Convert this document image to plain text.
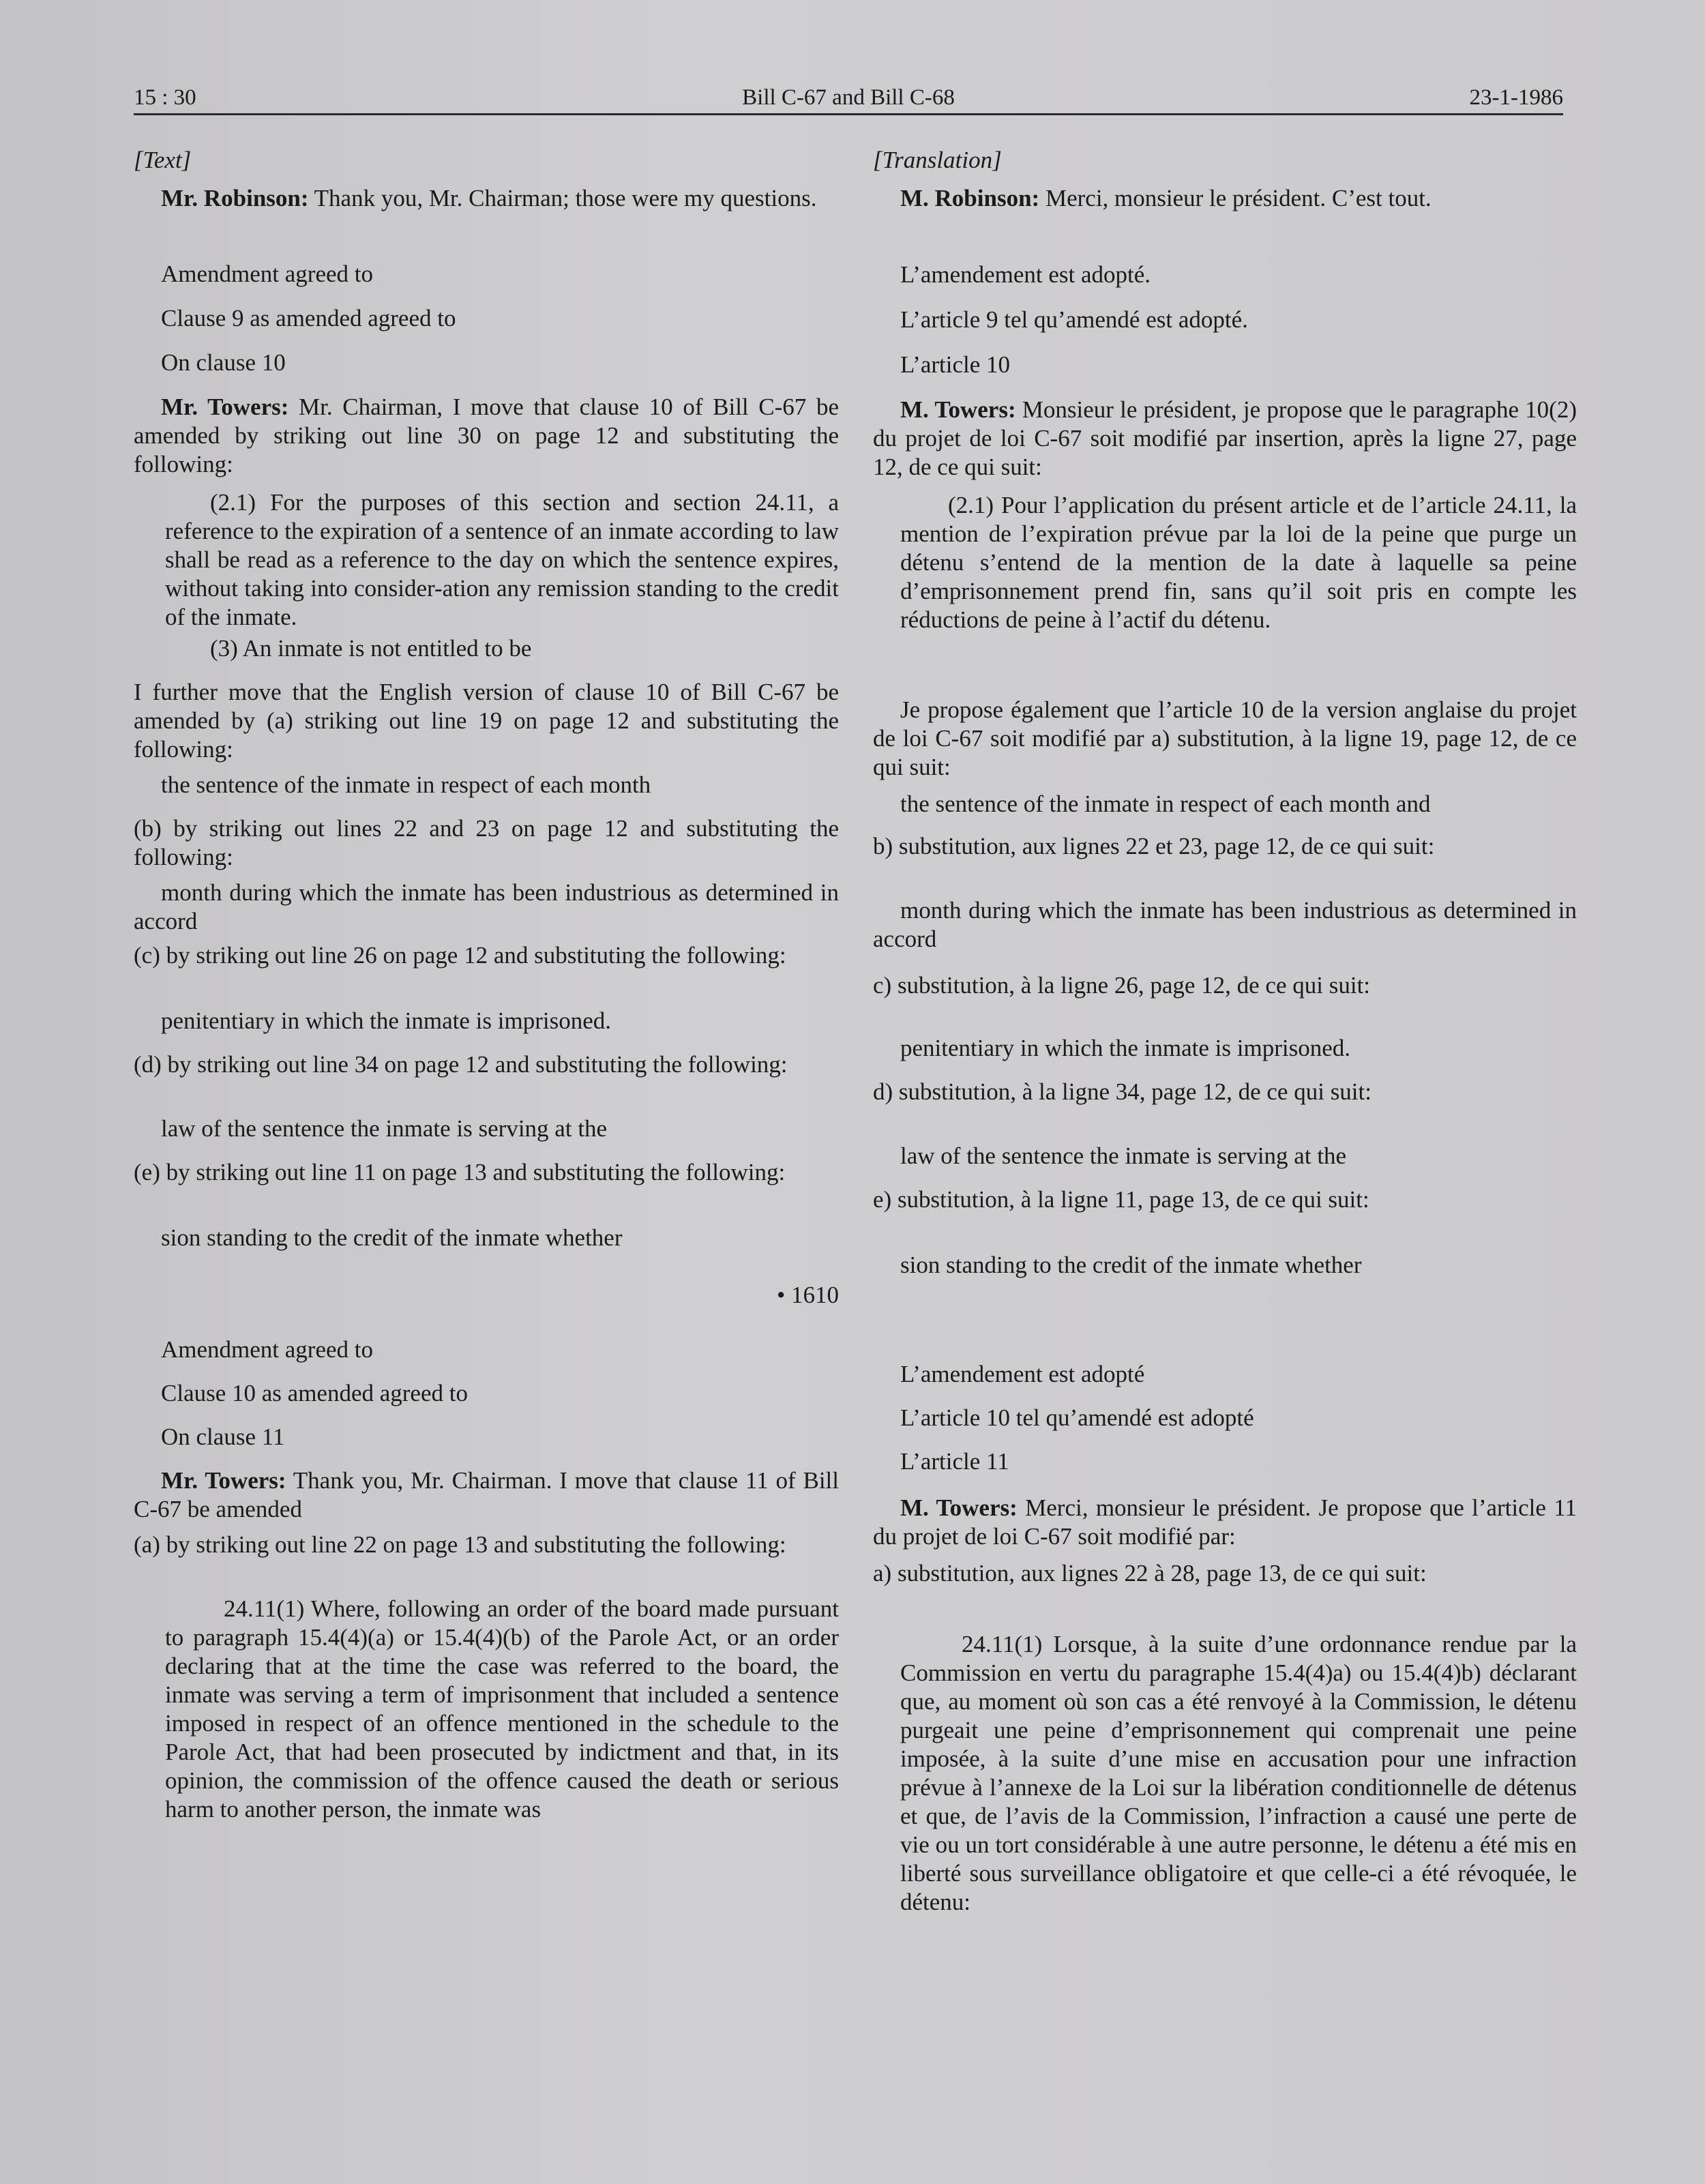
15 : 30	Bill C-67 and Bill C-68	23-1-1986

[Text]

Mr. Robinson: Thank you, Mr. Chairman; those were my questions.

Amendment agreed to

Clause 9 as amended agreed to

On clause 10

Mr. Towers: Mr. Chairman, I move that clause 10 of Bill C-67 be amended by striking out line 30 on page 12 and substituting the following:

(2.1) For the purposes of this section and section 24.11, a reference to the expiration of a sentence of an inmate according to law shall be read as a reference to the day on which the sentence expires, without taking into consider-ation any remission standing to the credit of the inmate.

(3) An inmate is not entitled to be

I further move that the English version of clause 10 of Bill C-67 be amended by (a) striking out line 19 on page 12 and substituting the following:

the sentence of the inmate in respect of each month

(b) by striking out lines 22 and 23 on page 12 and substituting the following:

month during which the inmate has been industrious as determined in accord

(c) by striking out line 26 on page 12 and substituting the following:

penitentiary in which the inmate is imprisoned.

(d) by striking out line 34 on page 12 and substituting the following:

law of the sentence the inmate is serving at the

(e) by striking out line 11 on page 13 and substituting the following:

sion standing to the credit of the inmate whether

• 1610

Amendment agreed to

Clause 10 as amended agreed to

On clause 11

Mr. Towers: Thank you, Mr. Chairman. I move that clause 11 of Bill C-67 be amended

(a) by striking out line 22 on page 13 and substituting the following:

24.11(1) Where, following an order of the board made pursuant to paragraph 15.4(4)(a) or 15.4(4)(b) of the Parole Act, or an order declaring that at the time the case was referred to the board, the inmate was serving a term of imprisonment that included a sentence imposed in respect of an offence mentioned in the schedule to the Parole Act, that had been prosecuted by indictment and that, in its opinion, the commission of the offence caused the death or serious harm to another person, the inmate was

[Translation]

M. Robinson: Merci, monsieur le président. C’est tout.

L’amendement est adopté.

L’article 9 tel qu’amendé est adopté.

L’article 10

M. Towers: Monsieur le président, je propose que le paragraphe 10(2) du projet de loi C-67 soit modifié par insertion, après la ligne 27, page 12, de ce qui suit:

(2.1) Pour l’application du présent article et de l’article 24.11, la mention de l’expiration prévue par la loi de la peine que purge un détenu s’entend de la mention de la date à laquelle sa peine d’emprisonnement prend fin, sans qu’il soit pris en compte les réductions de peine à l’actif du détenu.

Je propose également que l’article 10 de la version anglaise du projet de loi C-67 soit modifié par a) substitution, à la ligne 19, page 12, de ce qui suit:

the sentence of the inmate in respect of each month and

b) substitution, aux lignes 22 et 23, page 12, de ce qui suit:

month during which the inmate has been industrious as determined in accord

c) substitution, à la ligne 26, page 12, de ce qui suit:

penitentiary in which the inmate is imprisoned.

d) substitution, à la ligne 34, page 12, de ce qui suit:

law of the sentence the inmate is serving at the

e) substitution, à la ligne 11, page 13, de ce qui suit:

sion standing to the credit of the inmate whether

L’amendement est adopté

L’article 10 tel qu’amendé est adopté

L’article 11

M. Towers: Merci, monsieur le président. Je propose que l’article 11 du projet de loi C-67 soit modifié par:

a) substitution, aux lignes 22 à 28, page 13, de ce qui suit:

24.11(1) Lorsque, à la suite d’une ordonnance rendue par la Commission en vertu du paragraphe 15.4(4)a) ou 15.4(4)b) déclarant que, au moment où son cas a été renvoyé à la Commission, le détenu purgeait une peine d’emprisonnement qui comprenait une peine imposée, à la suite d’une mise en accusation pour une infraction prévue à l’annexe de la Loi sur la libération conditionnelle de détenus et que, de l’avis de la Commission, l’infraction a causé une perte de vie ou un tort considérable à une autre personne, le détenu a été mis en liberté sous surveillance obligatoire et que celle-ci a été révoquée, le détenu:
